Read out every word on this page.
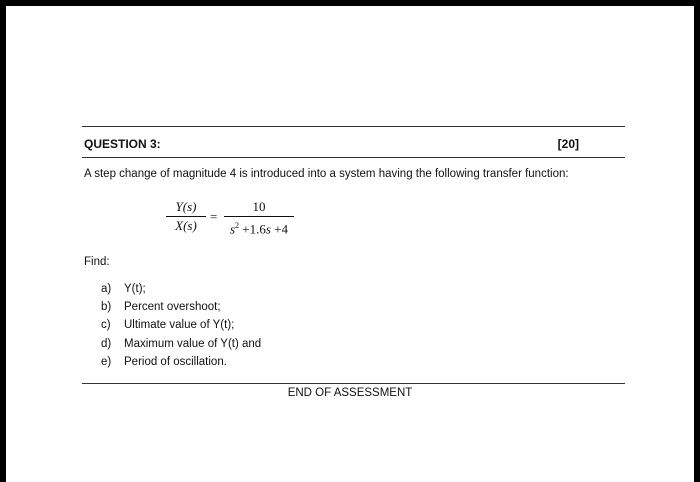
QUESTION 3:	[20]
A step change of magnitude 4 is introduced into a system having the following transfer function:
$\frac{Y(s)}{X(s)} = \frac{10}{s^2 +1.6s +4}$
Find:
a)	Y(t);
b)	Percent overshoot;
c)	Ultimate value of Y(t);
d)	Maximum value of Y(t) and
e)	Period of oscillation.
END OF ASSESSMENT
